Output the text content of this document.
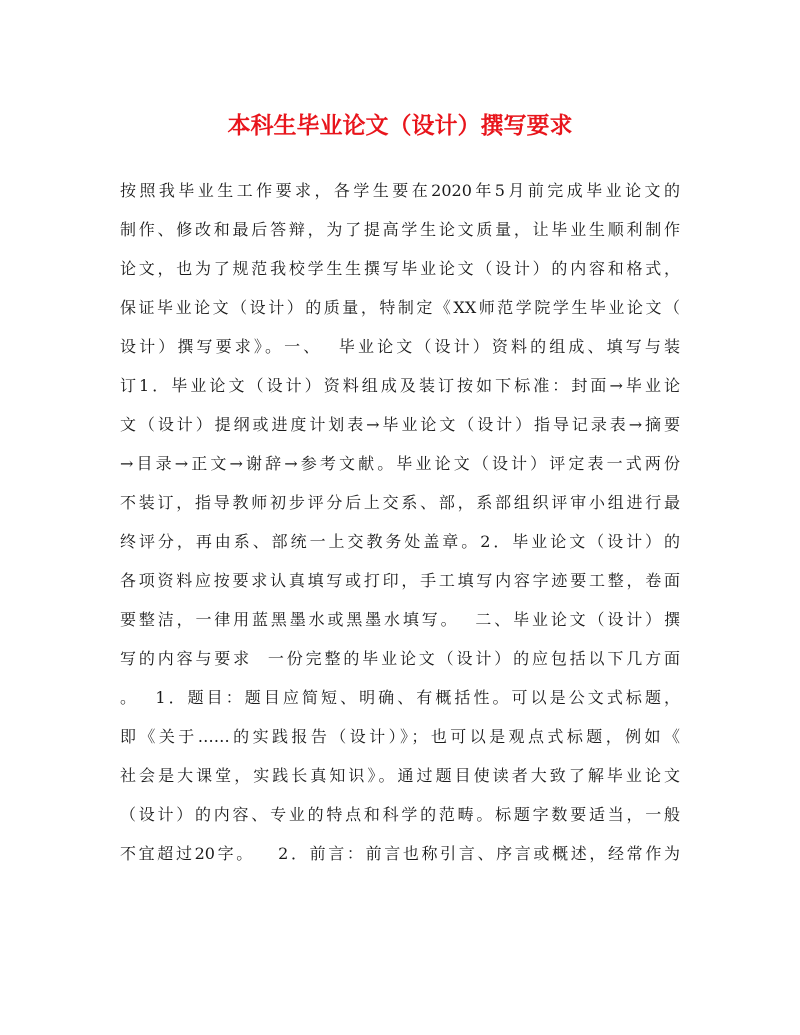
本科生毕业论文（设计）撰写要求
按照我毕业生工作要求，各学生要在2020年5月前完成毕业论文的
制作、修改和最后答辩，为了提高学生论文质量，让毕业生顺利制作
论文，也为了规范我校学生生撰写毕业论文（设计）的内容和格式，
保证毕业论文（设计）的质量，特制定《XX师范学院学生毕业论文（
设计）撰写要求》。一、  毕业论文（设计）资料的组成、填写与装
订1．毕业论文（设计）资料组成及装订按如下标准：封面→毕业论
文（设计）提纲或进度计划表→毕业论文（设计）指导记录表→摘要
→目录→正文→谢辞→参考文献。毕业论文（设计）评定表一式两份
不装订，指导教师初步评分后上交系、部，系部组织评审小组进行最
终评分，再由系、部统一上交教务处盖章。2．毕业论文（设计）的
各项资料应按要求认真填写或打印，手工填写内容字迹要工整，卷面
要整洁，一律用蓝黑墨水或黑墨水填写。  二、毕业论文（设计）撰
写的内容与要求  一份完整的毕业论文（设计）的应包括以下几方面
。  1．题目：题目应简短、明确、有概括性。可以是公文式标题，
即《关于……的实践报告（设计）》；也可以是观点式标题，例如《
社会是大课堂，实践长真知识》。通过题目使读者大致了解毕业论文
（设计）的内容、专业的特点和科学的范畴。标题字数要适当，一般
不宜超过20字。   2．前言：前言也称引言、序言或概述，经常作为
